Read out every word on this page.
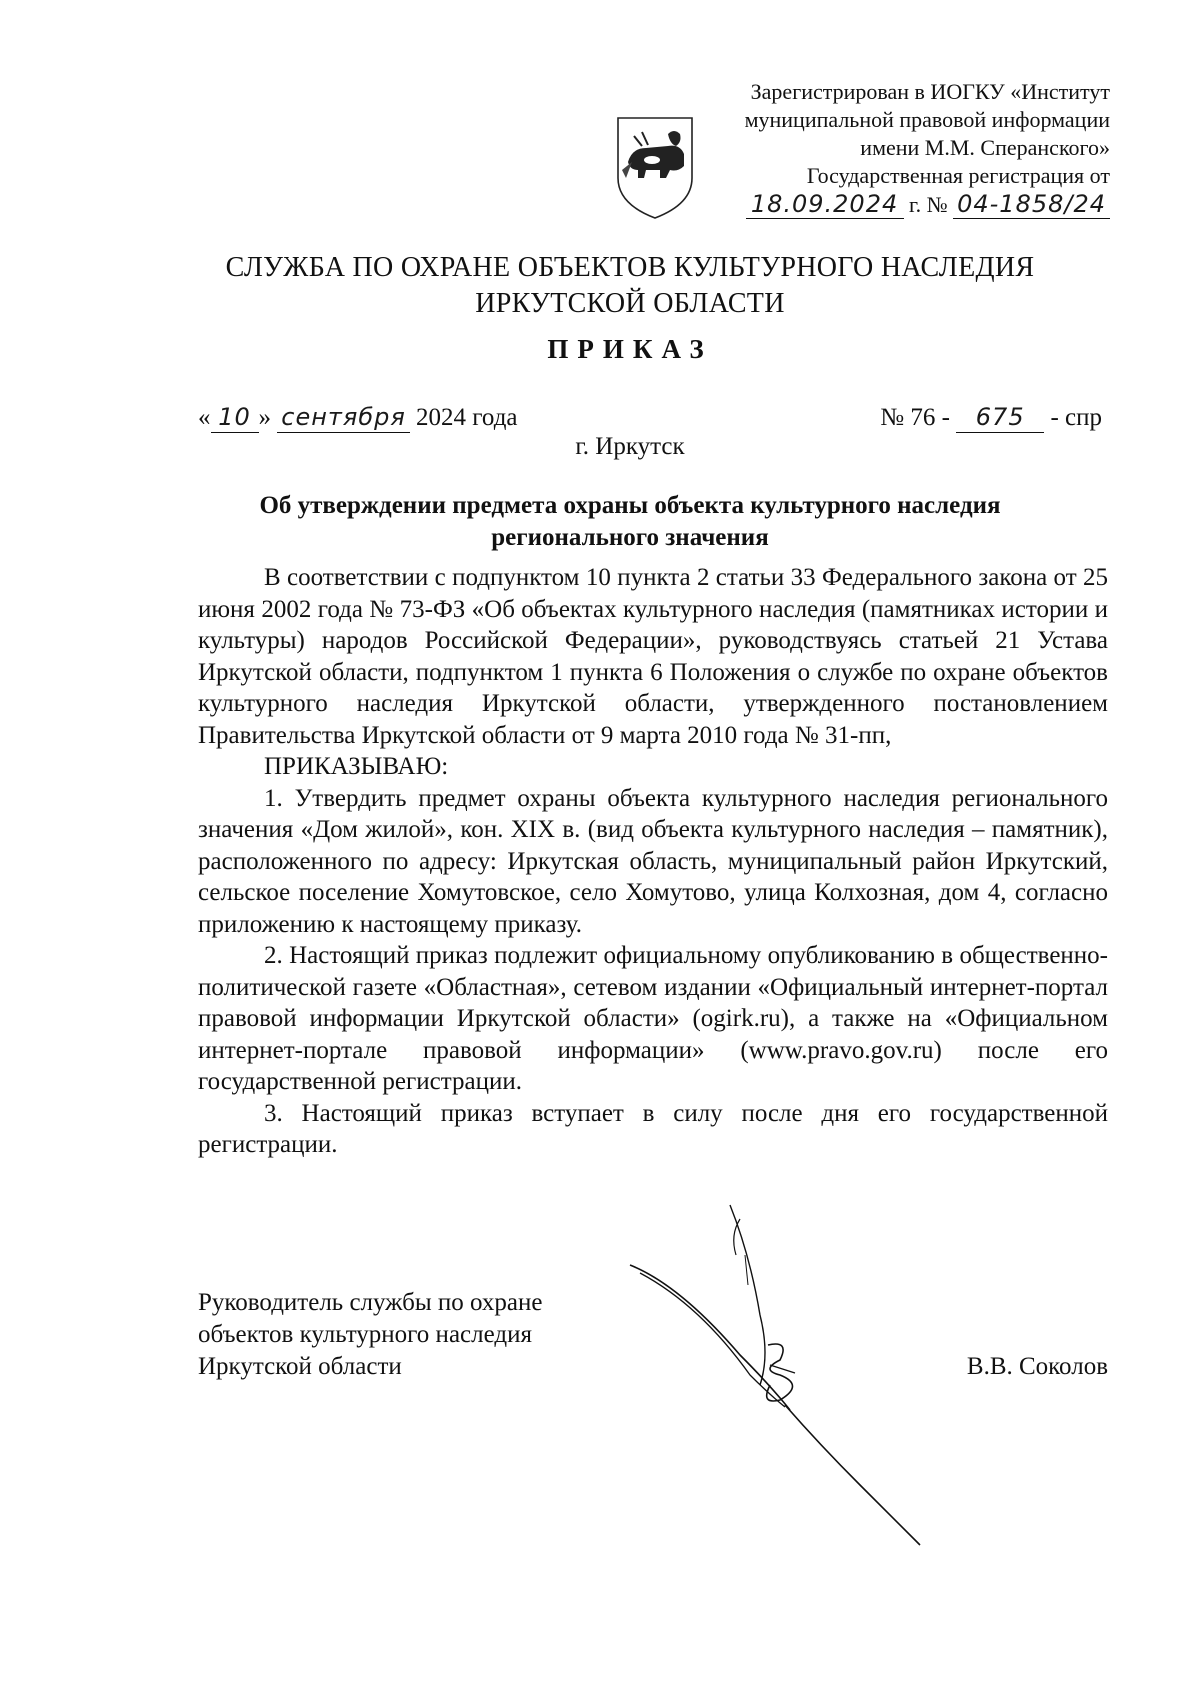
Зарегистрирован в ИОГКУ «Институт
муниципальной правовой информации
имени М.М. Сперанского»
Государственная регистрация от
18.09.2024 г. № 04-1858/24
СЛУЖБА ПО ОХРАНЕ ОБЪЕКТОВ КУЛЬТУРНОГО НАСЛЕДИЯ
ИРКУТСКОЙ ОБЛАСТИ
ПРИКАЗ
« 10 » сентября 2024 года	№ 76 - 675 - спр
г. Иркутск
Об утверждении предмета охраны объекта культурного наследия
регионального значения

В соответствии с подпунктом 10 пункта 2 статьи 33 Федерального закона от 25 июня 2002 года № 73-ФЗ «Об объектах культурного наследия (памятниках истории и культуры) народов Российской Федерации», руководствуясь статьей 21 Устава Иркутской области, подпунктом 1 пункта 6 Положения о службе по охране объектов культурного наследия Иркутской области, утвержденного постановлением Правительства Иркутской области от 9 марта 2010 года № 31-пп,

ПРИКАЗЫВАЮ:

1. Утвердить предмет охраны объекта культурного наследия регионального значения «Дом жилой», кон. XIX в. (вид объекта культурного наследия – памятник), расположенного по адресу: Иркутская область, муниципальный район Иркутский, сельское поселение Хомутовское, село Хомутово, улица Колхозная, дом 4, согласно приложению к настоящему приказу.

2. Настоящий приказ подлежит официальному опубликованию в общественно-политической газете «Областная», сетевом издании «Официальный интернет-портал правовой информации Иркутской области» (ogirk.ru), а также на «Официальном интернет-портале правовой информации» (www.pravo.gov.ru) после его государственной регистрации.

3. Настоящий приказ вступает в силу после дня его государственной регистрации.

Руководитель службы по охране
объектов культурного наследия
Иркутской области	В.В. Соколов
